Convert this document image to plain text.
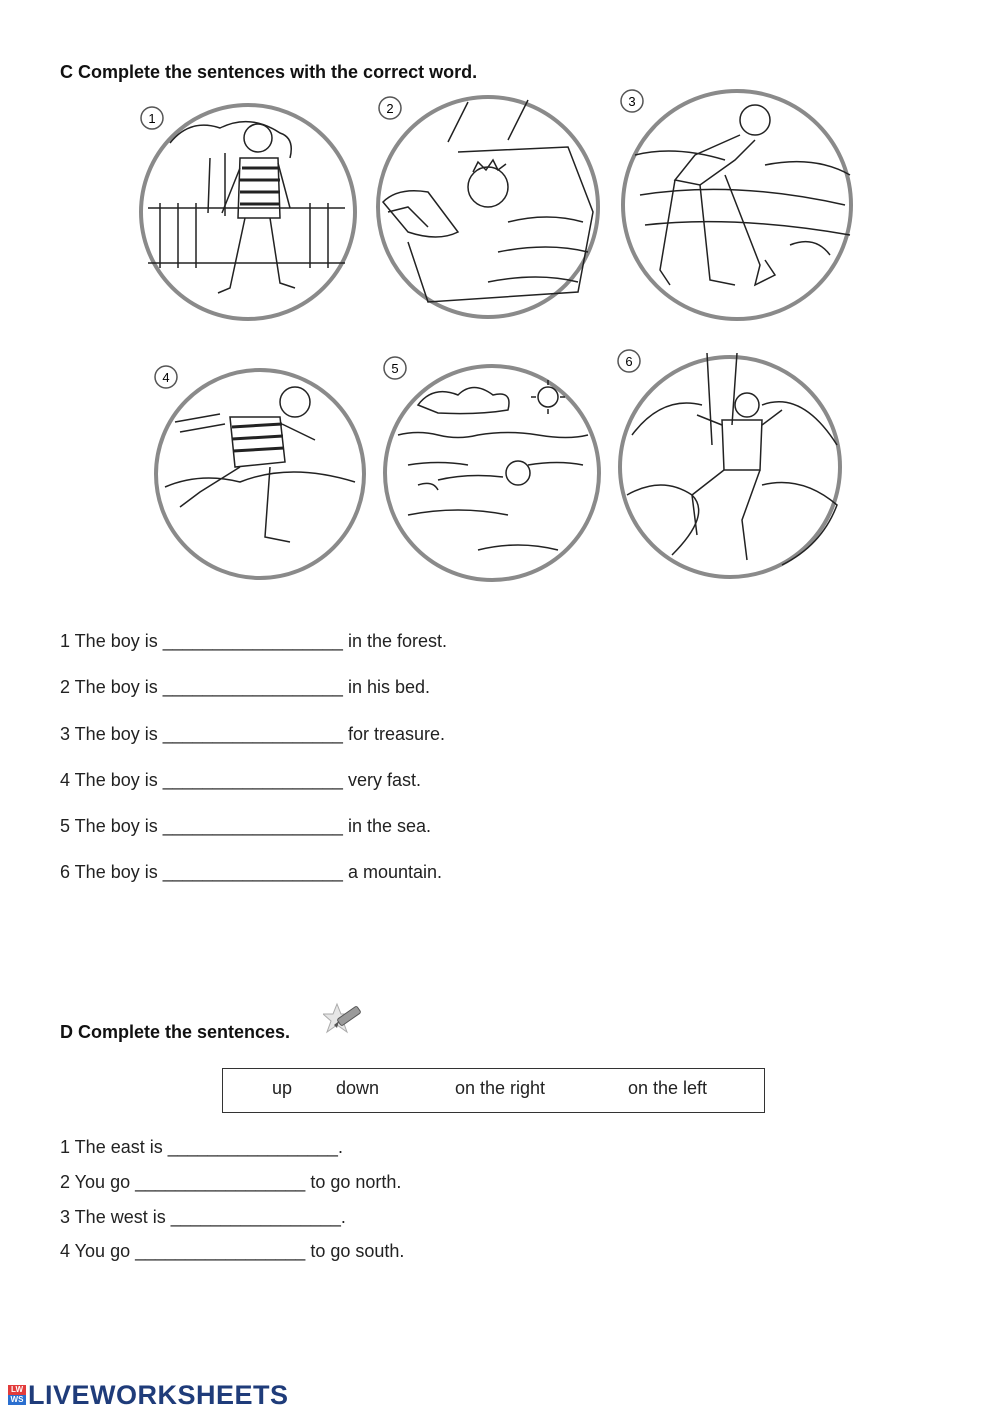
C Complete the sentences with the correct word.
1
2	3
4
5	6
1 The boy is __________________ in the forest.
2 The boy is __________________ in his bed.
3 The boy is __________________ for treasure.
4 The boy is __________________ very fast.
5 The boy is __________________ in the sea.
6 The boy is __________________ a mountain.
D Complete the sentences.
up down	on the right	on the left
1 The east is _________________.
2 You go _________________ to go north.
3 The west is _________________.
4 You go _________________ to go south.
LW
WS LIVEWORKSHEETS
